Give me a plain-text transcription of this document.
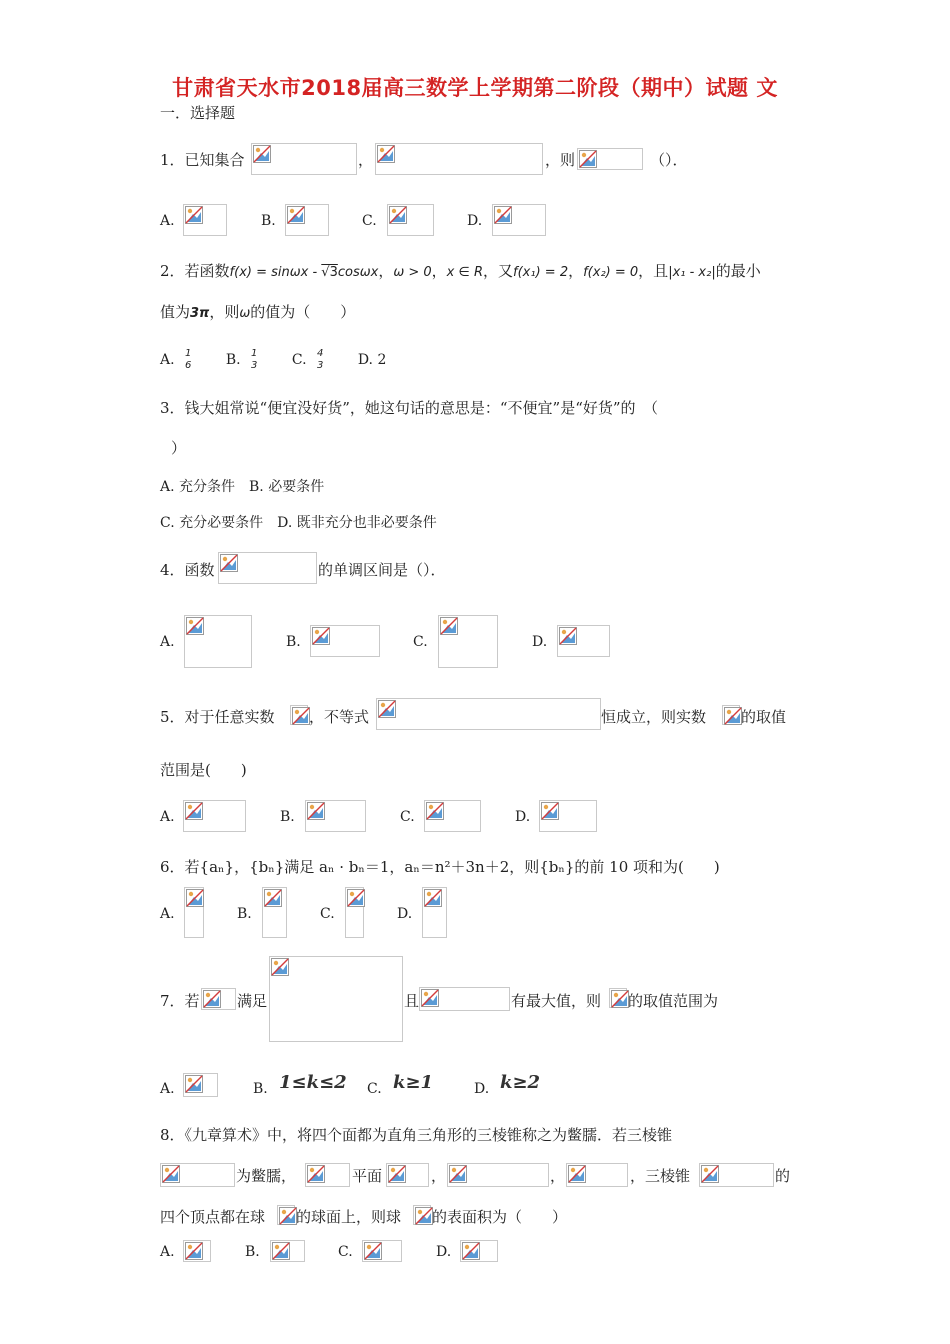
甘肃省天水市2018届高三数学上学期第二阶段（期中）试题 文
一．选择题
1．已知集合	，	，则	（）．
A.	B.	C.	D.
2．若函数f(x) = sinωx - √3cosωx，ω > 0，x ∈ R，又f(x₁) = 2，f(x₂) = 0，且|x₁ - x₂|的最小
值为3π，则ω的值为（　　）
A. 1
6 B. 1
3 C. 4
3 D. 2
3．钱大姐常说“便宜没好货”，她这句话的意思是：“不便宜”是“好货”的　（
）
A. 充分条件　B. 必要条件
C. 充分必要条件　D. 既非充分也非必要条件
4．函数	的单调区间是（）．
A.	B.	C.	D.
5．对于任意实数 ，不等式	恒成立，则实数 的取值
范围是(　　)
A.	B.	C.	D.
6．若{aₙ}，{bₙ}满足 aₙ · bₙ＝1，aₙ＝n²＋3n＋2，则{bₙ}的前 10 项和为(　　)
A.	B.	C.	D.
7．若 满足	且	有最大值，则 的取值范围为
A.	B. 1≤k≤2 C. k≥1	D. k≥2
8．《九章算术》中，将四个面都为直角三角形的三棱锥称之为鳖臑．若三棱锥
为鳖臑，	平面	，	，	，三棱锥	的
四个顶点都在球 的球面上，则球 的表面积为（　　）
A.	B.	C.	D.
